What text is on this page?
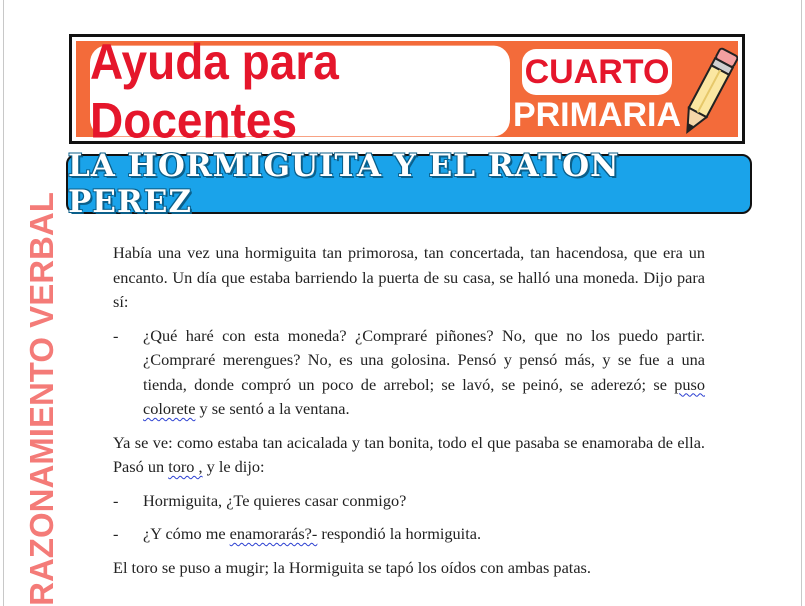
Ayuda para Docentes
CUARTO
PRIMARIA
LA HORMIGUITA Y EL RATON PEREZ
RAZONAMIENTO VERBAL	Había una vez una hormiguita tan primorosa, tan concertada, tan hacendosa, que era un encanto. Un día que estaba barriendo la puerta de su casa, se halló una moneda. Dijo para sí:

- ¿Qué haré con esta moneda? ¿Compraré piñones? No, que no los puedo partir. ¿Compraré merengues? No, es una golosina. Pensó y pensó más, y se fue a una tienda, donde compró un poco de arrebol; se lavó, se peinó, se aderezó; se puso colorete y se sentó a la ventana.

Ya se ve: como estaba tan acicalada y tan bonita, todo el que pasaba se enamoraba de ella. Pasó un toro , y le dijo:

- Hormiguita, ¿Te quieres casar conmigo?
- ¿Y cómo me enamorarás?- respondió la hormiguita.

El toro se puso a mugir; la Hormiguita se tapó los oídos con ambas patas.
